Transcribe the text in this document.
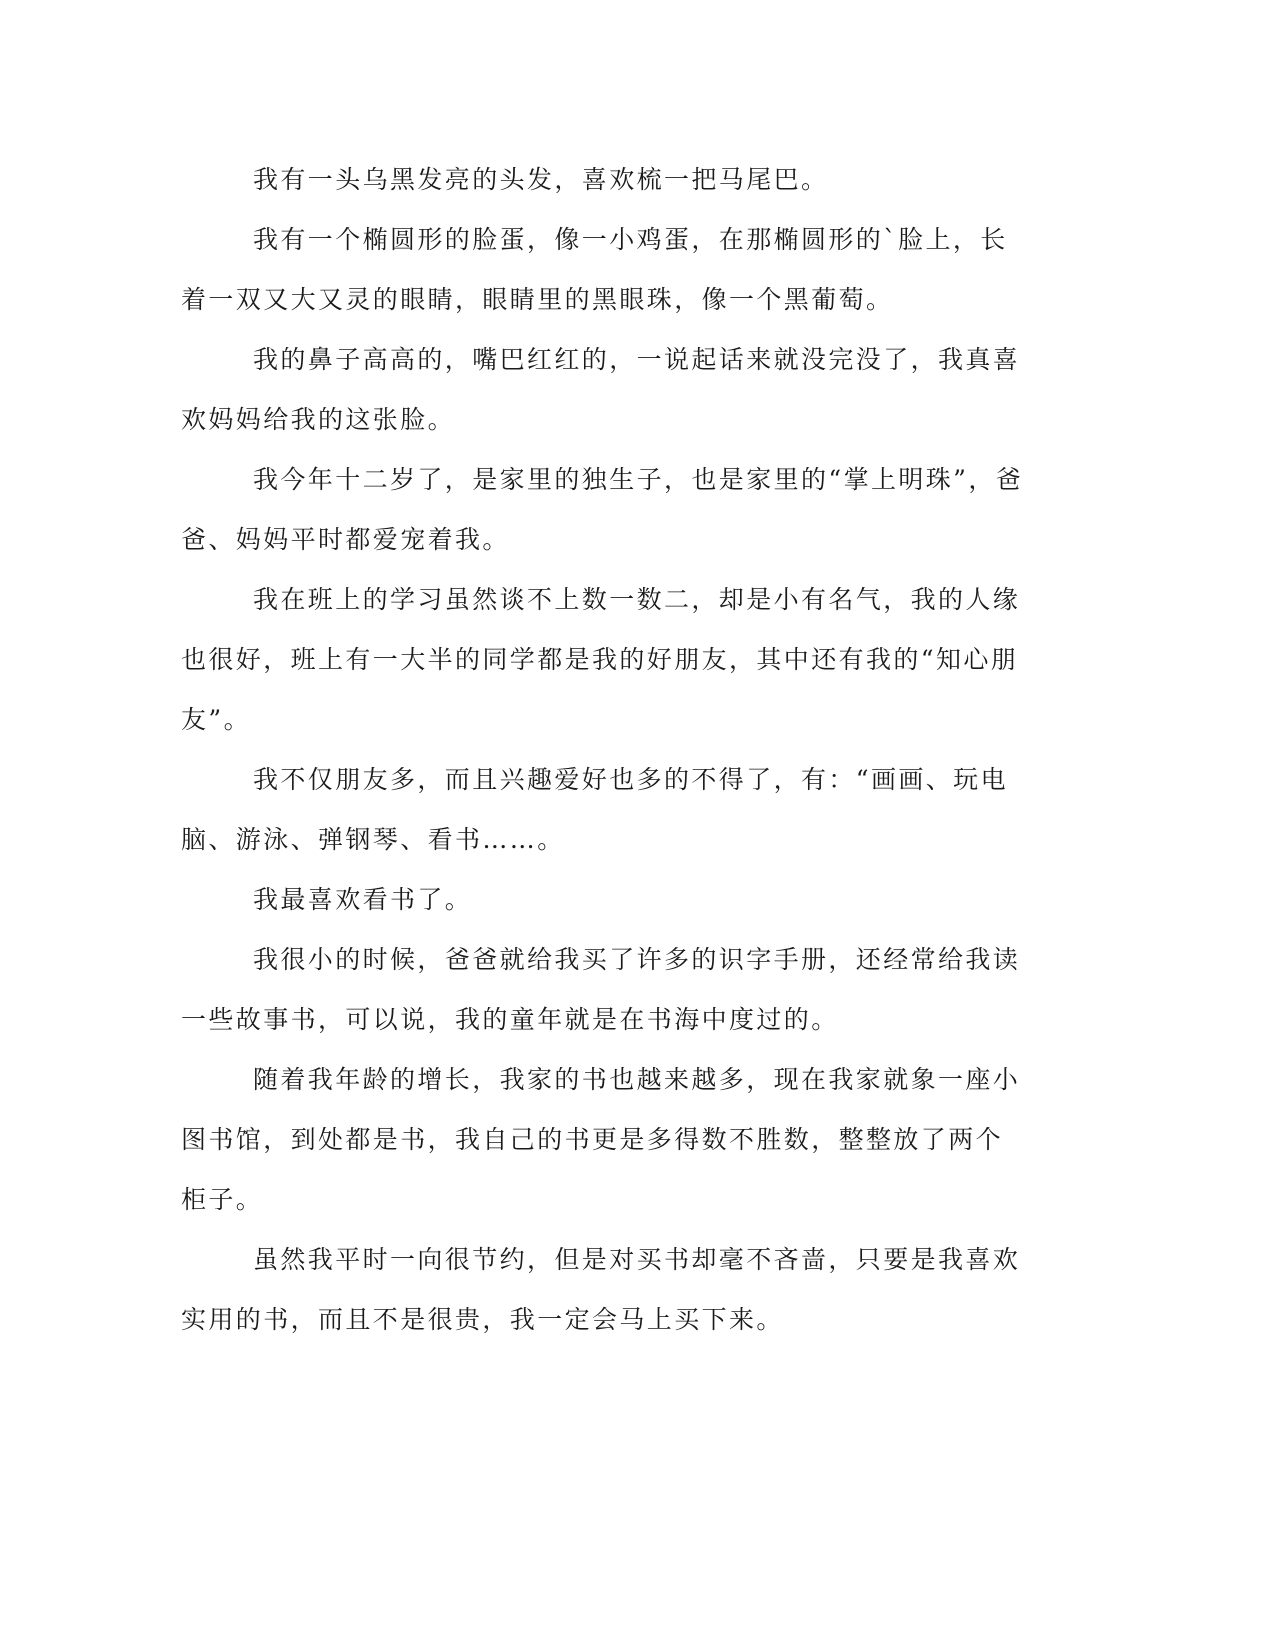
我有一头乌黑发亮的头发，喜欢梳一把马尾巴。

我有一个椭圆形的脸蛋，像一小鸡蛋，在那椭圆形的`脸上，长
着一双又大又灵的眼睛，眼睛里的黑眼珠，像一个黑葡萄。

我的鼻子高高的，嘴巴红红的，一说起话来就没完没了，我真喜
欢妈妈给我的这张脸。

我今年十二岁了，是家里的独生子，也是家里的“掌上明珠”，爸
爸、妈妈平时都爱宠着我。

我在班上的学习虽然谈不上数一数二，却是小有名气，我的人缘
也很好，班上有一大半的同学都是我的好朋友，其中还有我的“知心朋
友”。

我不仅朋友多，而且兴趣爱好也多的不得了，有：“画画、玩电
脑、游泳、弹钢琴、看书……。

我最喜欢看书了。

我很小的时候，爸爸就给我买了许多的识字手册，还经常给我读
一些故事书，可以说，我的童年就是在书海中度过的。

随着我年龄的增长，我家的书也越来越多，现在我家就象一座小
图书馆，到处都是书，我自己的书更是多得数不胜数，整整放了两个
柜子。

虽然我平时一向很节约，但是对买书却毫不吝啬，只要是我喜欢
实用的书，而且不是很贵，我一定会马上买下来。
